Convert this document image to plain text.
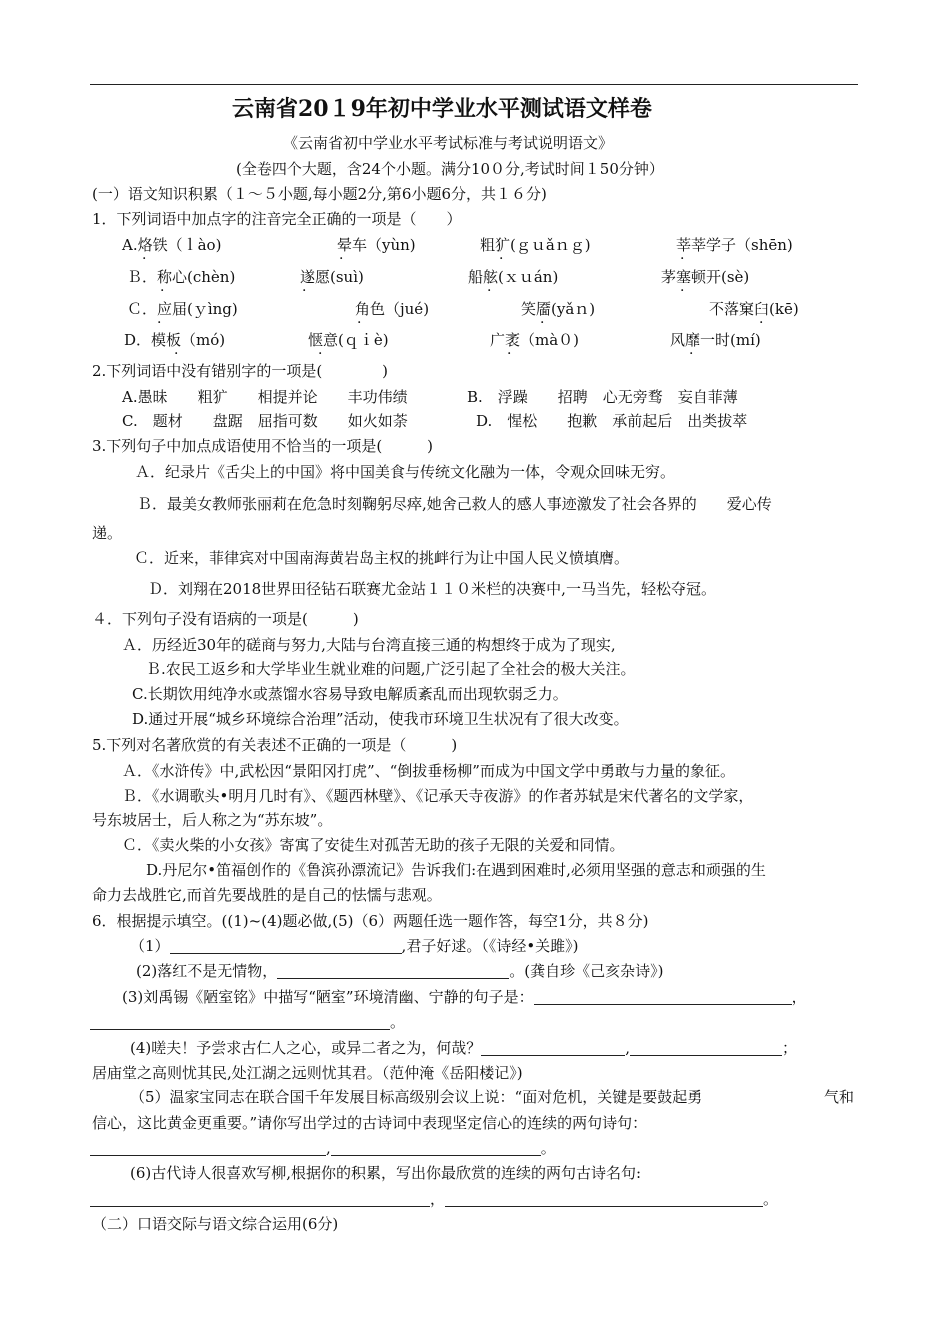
云南省20１9年初中学业水平测试语文样卷
《云南省初中学业水平考试标准与考试说明语文》
(全卷四个大题，含24个小题。满分10０分,考试时间１50分钟）
(一）语文知识积累（１～５小题,每小题2分,第6小题6分，共１６分)
1．下列词语中加点字的注音完全正确的一项是（　　）
A.烙铁（ｌào)	晕车（yùn)	粗犷(ｇｕǎｎｇ)	莘莘学子（shēn)
Ｂ．称心(chèn)	遂愿(suì)	船舷(ｘｕán)	茅塞顿开(sè)
Ｃ．应届(ｙìng)	角色（jué)	笑靥(yǎｎ)	不落窠臼(kē)
D．模板（mó)	惬意(ｑｉè)	广袤（mà０)	风靡一时(mí)
·	·	·	·
·	·	·	·
·	·	·	·
·	·	·	·
2.下列词语中没有错别字的一项是(　　　　)
A.愚昧　　粗犷　　相提并论　　丰功伟绩	B.　浮躁　　招聘　心无旁骛　妄自菲薄
C.　题材　　盘踞　屈指可数　　如火如荼	D.　惺松　　抱歉　承前起后　出类拔萃
3.下列句子中加点成语使用不恰当的一项是(　　　)
Ａ．纪录片《舌尖上的中国》将中国美食与传统文化融为一体，令观众回味无穷。
Ｂ．最美女教师张丽莉在危急时刻鞠躬尽瘁,她舍己救人的感人事迹激发了社会各界的　　爱心传
递。
Ｃ．近来，菲律宾对中国南海黄岩岛主权的挑衅行为让中国人民义愤填膺。
Ｄ．刘翔在2018世界田径钻石联赛尤金站１１０米栏的决赛中,一马当先，轻松夺冠。
４．下列句子没有语病的一项是(　　　)
Ａ．历经近30年的磋商与努力,大陆与台湾直接三通的构想终于成为了现实,
Ｂ.农民工返乡和大学毕业生就业难的问题,广泛引起了全社会的极大关注。
C.长期饮用纯净水或蒸馏水容易导致电解质紊乱而出现软弱乏力。
D.通过开展“城乡环境综合治理”活动，使我市环境卫生状况有了很大改变。
5.下列对名著欣赏的有关表述不正确的一项是（　　　)
Ａ．《水浒传》中,武松因“景阳冈打虎”、“倒拔垂杨柳”而成为中国文学中勇敢与力量的象征。
Ｂ．《水调歌头•明月几时有》、《题西林壁》、《记承天寺夜游》的作者苏轼是宋代著名的文学家，
号东坡居士，后人称之为“苏东坡”。
Ｃ．《卖火柴的小女孩》寄寓了安徒生对孤苦无助的孩子无限的关爱和同情。
D.丹尼尔•笛福创作的《鲁滨孙漂流记》告诉我们:在遇到困难时,必须用坚强的意志和顽强的生
命力去战胜它,而首先要战胜的是自己的怯懦与悲观。
6．根据提示填空。((1)~(4)题必做,(5)（6）两题任选一题作答，每空1分，共８分)
（1）	,君子好逑。（《诗经•关雎》)
(2)落红不是无情物，	。(龚自珍《己亥杂诗》)
(3)刘禹锡《陋室铭》中描写“陋室”环境清幽、宁静的句子是：	，
。
(4)嗟夫！予尝求古仁人之心，或异二者之为，何哉？	,	；
居庙堂之高则忧其民,处江湖之远则忧其君。（范仲淹《岳阳楼记》)
（5）温家宝同志在联合国千年发展目标高级别会议上说：“面对危机，关键是要鼓起勇	气和
信心，这比黄金更重要。”请你写出学过的古诗词中表现坚定信心的连续的两句诗句：
,	。
(6)古代诗人很喜欢写柳,根据你的积累，写出你最欣赏的连续的两句古诗名句:
，	。
（二）口语交际与语文综合运用(6分)
